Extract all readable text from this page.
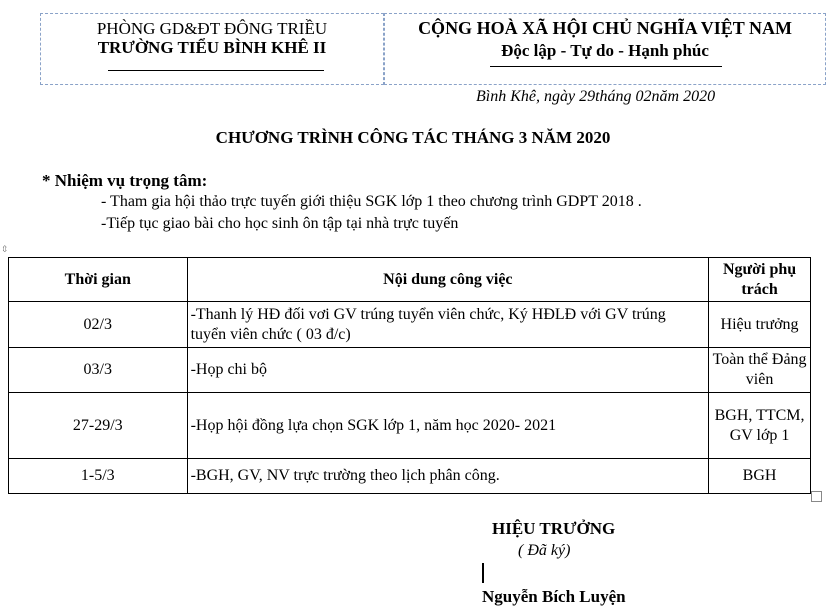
PHÒNG GD&ĐT ĐÔNG TRIỀU
TRƯỜNG TIỂU BÌNH KHÊ II
CỘNG HOÀ XÃ HỘI CHỦ NGHĨA VIỆT NAM
Độc lập - Tự do - Hạnh phúc
Bình Khê, ngày 29tháng 02năm 2020
CHƯƠNG TRÌNH CÔNG TÁC THÁNG 3 NĂM 2020
* Nhiệm vụ trọng tâm:
- Tham gia hội thảo trực tuyến giới thiệu SGK lớp 1 theo chương trình GDPT 2018 .
-Tiếp tục giao bài cho học sinh ôn tập tại nhà trực tuyến
⇳
Thời gian	Nội dung công việc	Người phụ trách
02/3	-Thanh lý HĐ đối vơi GV trúng tuyển viên chức, Ký HĐLĐ với GV trúng tuyển viên chức ( 03 đ/c)	Hiệu trưởng
03/3	-Họp chi bộ	Toàn thể Đảng viên
27-29/3	-Họp hội đồng lựa chọn SGK lớp 1, năm học 2020- 2021	BGH, TTCM, GV lớp 1
1-5/3	-BGH, GV, NV trực trường theo lịch phân công.	BGH
HIỆU TRƯỞNG
( Đã ký)
Nguyễn Bích Luyện
